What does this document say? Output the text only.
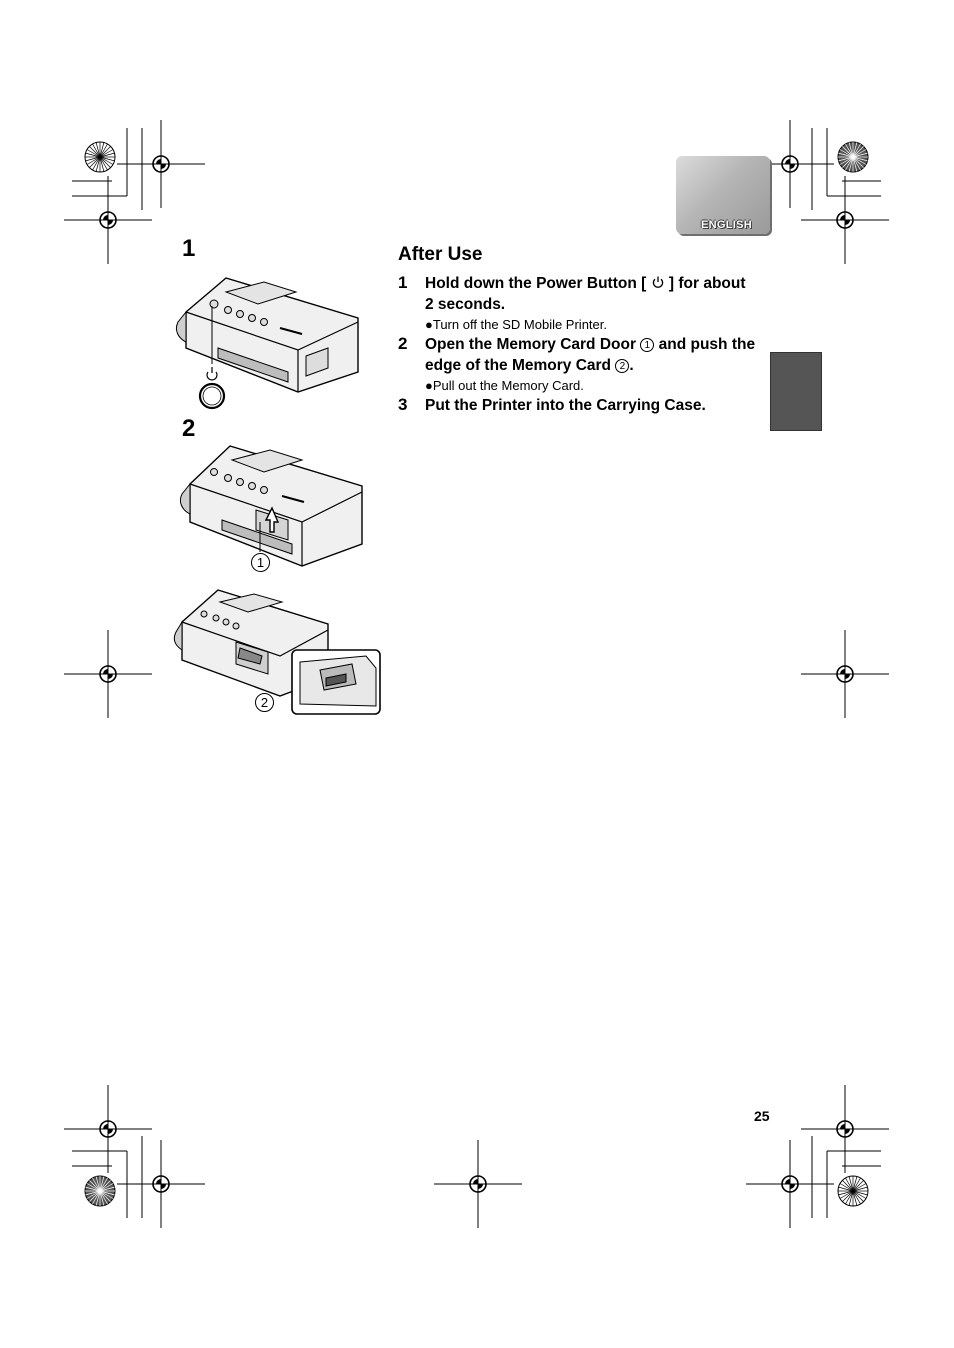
ENGLISH
1
2
1
2
After Use
1 Hold down the Power Button [ ] for about 2 seconds.
●Turn off the SD Mobile Printer.
2 Open the Memory Card Door 1 and push the edge of the Memory Card 2 .
●Pull out the Memory Card.
3 Put the Printer into the Carrying Case.
25
